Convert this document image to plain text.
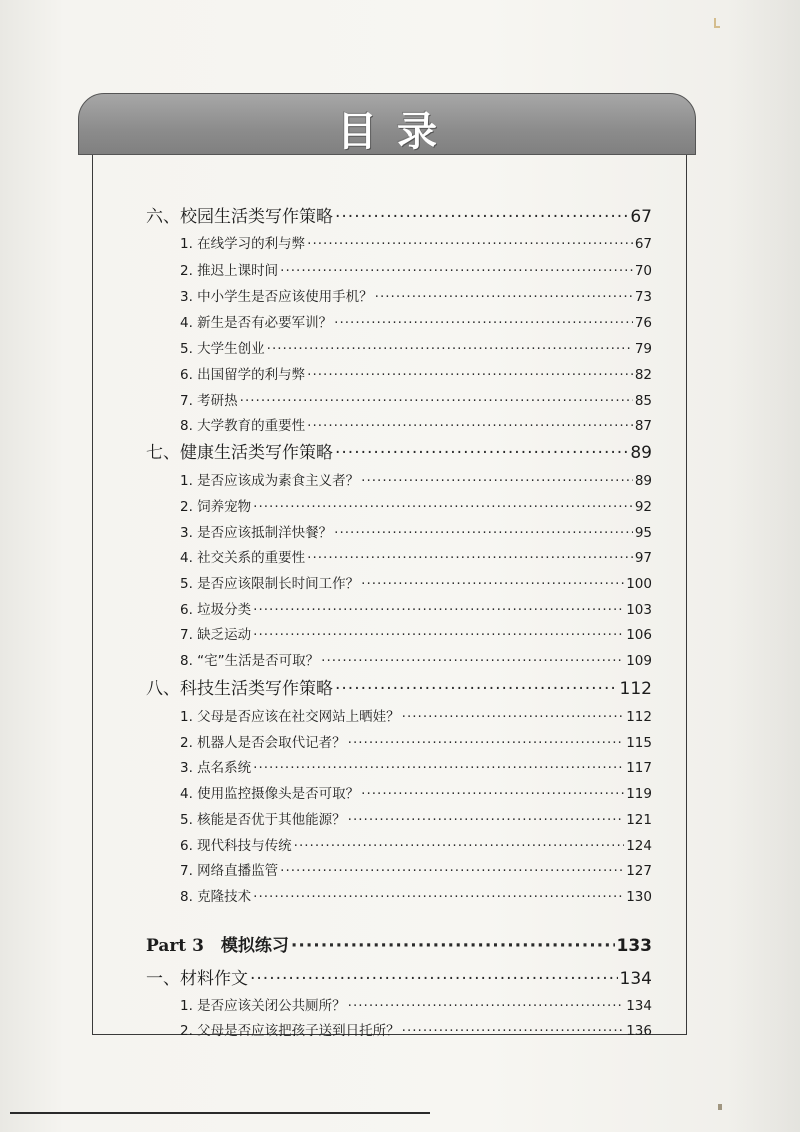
目录
六、校园生活类写作策略 ·····	67
1. 在线学习的利与弊 ·····	67
2. 推迟上课时间 ·····	70
3. 中小学生是否应该使用手机？ ·····	73
4. 新生是否有必要军训？ ·····	76
5. 大学生创业 ·····	79
6. 出国留学的利与弊 ·····	82
7. 考研热 ·····	85
8. 大学教育的重要性 ·····	87
七、健康生活类写作策略 ·····	89
1. 是否应该成为素食主义者？ ·····	89
2. 饲养宠物 ·····	92
3. 是否应该抵制洋快餐？ ·····	95
4. 社交关系的重要性 ·····	97
5. 是否应该限制长时间工作？ ·····	100
6. 垃圾分类 ·····	103
7. 缺乏运动 ·····	106
8. “宅”生活是否可取？ ·····	109
八、科技生活类写作策略 ·····	112
1. 父母是否应该在社交网站上晒娃？ ·····	112
2. 机器人是否会取代记者？ ·····	115
3. 点名系统 ·····	117
4. 使用监控摄像头是否可取？ ·····	119
5. 核能是否优于其他能源？ ·····	121
6. 现代科技与传统 ·····	124
7. 网络直播监管 ·····	127
8. 克隆技术 ·····	130
Part 3　模拟练习 ·····	133
一、材料作文 ·····	134
1. 是否应该关闭公共厕所？ ·····	134
2. 父母是否应该把孩子送到日托所？ ·····	136
